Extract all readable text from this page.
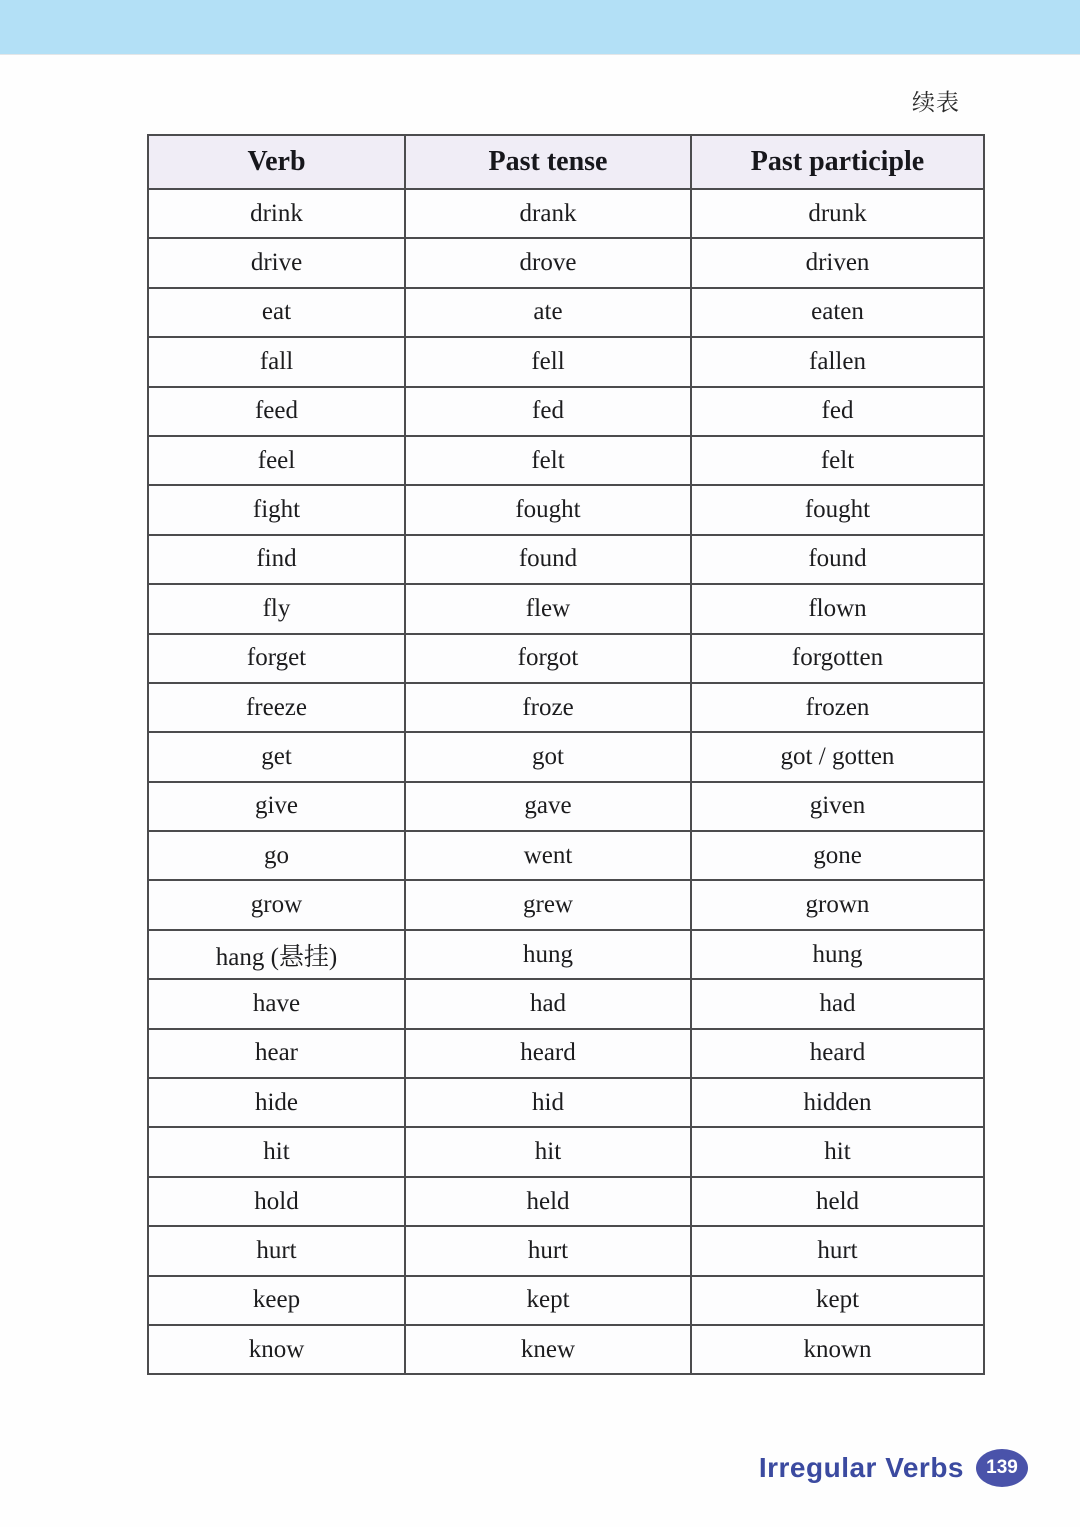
续表
Verb	Past tense	Past participle
drink	drank	drunk
drive	drove	driven
eat	ate	eaten
fall	fell	fallen
feed	fed	fed
feel	felt	felt
fight	fought	fought
find	found	found
fly	flew	flown
forget	forgot	forgotten
freeze	froze	frozen
get	got	got / gotten
give	gave	given
go	went	gone
grow	grew	grown
hang (悬挂)	hung	hung
have	had	had
hear	heard	heard
hide	hid	hidden
hit	hit	hit
hold	held	held
hurt	hurt	hurt
keep	kept	kept
know	knew	known
Irregular Verbs 139
